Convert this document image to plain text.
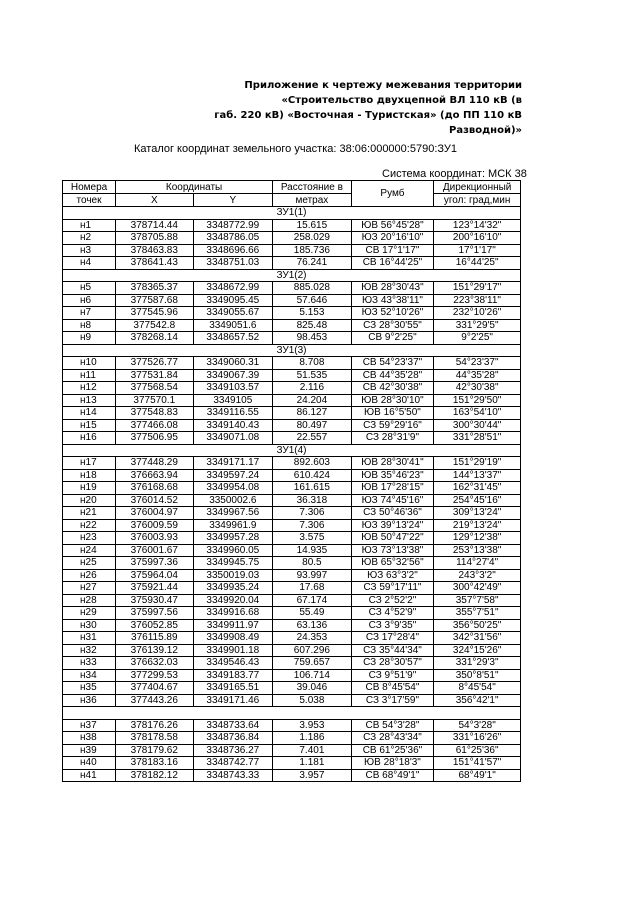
Приложение к чертежу межевания территории
«Строительство двухцепной ВЛ 110 кВ (в
габ. 220 кВ) «Восточная - Туристская» (до ПП 110 кВ
Разводной)»
Каталог координат земельного участка: 38:06:000000:5790:ЗУ1
Система координат: МСК 38
Номера	Координаты		Расстояние в	Румб	Дирекционный
точек	X	Y	метрах		угол: град,мин
ЗУ1(1)					
н1	378714.44	3348772.99	15.615	ЮВ 56°45'28"	123°14'32"
н2	378705.88	3348786.05	258.029	ЮЗ 20°16'10"	200°16'10"
н3	378463.83	3348696.66	185.736	СВ 17°1'17"	17°1'17"
н4	378641.43	3348751.03	76.241	СВ 16°44'25"	16°44'25"
ЗУ1(2)					
н5	378365.37	3348672.99	885.028	ЮВ 28°30'43"	151°29'17"
н6	377587.68	3349095.45	57.646	ЮЗ 43°38'11"	223°38'11"
н7	377545.96	3349055.67	5.153	ЮЗ 52°10'26"	232°10'26"
н8	377542.8	3349051.6	825.48	СЗ 28°30'55"	331°29'5"
н9	378268.14	3348657.52	98.453	СВ 9°2'25"	9°2'25"
ЗУ1(3)					
н10	377526.77	3349060.31	8.708	СВ 54°23'37"	54°23'37"
н11	377531.84	3349067.39	51.535	СВ 44°35'28"	44°35'28"
н12	377568.54	3349103.57	2.116	СВ 42°30'38"	42°30'38"
н13	377570.1	3349105	24.204	ЮВ 28°30'10"	151°29'50"
н14	377548.83	3349116.55	86.127	ЮВ 16°5'50"	163°54'10"
н15	377466.08	3349140.43	80.497	СЗ 59°29'16"	300°30'44"
н16	377506.95	3349071.08	22.557	СЗ 28°31'9"	331°28'51"
ЗУ1(4)					
н17	377448.29	3349171.17	892.603	ЮВ 28°30'41"	151°29'19"
н18	376663.94	3349597.24	610.424	ЮВ 35°46'23"	144°13'37"
н19	376168.68	3349954.08	161.615	ЮВ 17°28'15"	162°31'45"
н20	376014.52	3350002.6	36.318	ЮЗ 74°45'16"	254°45'16"
н21	376004.97	3349967.56	7.306	СЗ 50°46'36"	309°13'24"
н22	376009.59	3349961.9	7.306	ЮЗ 39°13'24"	219°13'24"
н23	376003.93	3349957.28	3.575	ЮВ 50°47'22"	129°12'38"
н24	376001.67	3349960.05	14.935	ЮЗ 73°13'38"	253°13'38"
н25	375997.36	3349945.75	80.5	ЮВ 65°32'56"	114°27'4"
н26	375964.04	3350019.03	93.997	ЮЗ 63°3'2"	243°3'2"
н27	375921.44	3349935.24	17.68	СЗ 59°17'11"	300°42'49"
н28	375930.47	3349920.04	67.174	СЗ 2°52'2"	357°7'58"
н29	375997.56	3349916.68	55.49	СЗ 4°52'9"	355°7'51"
н30	376052.85	3349911.97	63.136	СЗ 3°9'35"	356°50'25"
н31	376115.89	3349908.49	24.353	СЗ 17°28'4"	342°31'56"
н32	376139.12	3349901.18	607.296	СЗ 35°44'34"	324°15'26"
н33	376632.03	3349546.43	759.657	СЗ 28°30'57"	331°29'3"
н34	377299.53	3349183.77	106.714	СЗ 9°51'9"	350°8'51"
н35	377404.67	3349165.51	39.046	СВ 8°45'54"	8°45'54"
н36	377443.26	3349171.46	5.038	СЗ 3°17'59"	356°42'1"

н37	378176.26	3348733.64	3.953	СВ 54°3'28"	54°3'28"
н38	378178.58	3348736.84	1.186	СЗ 28°43'34"	331°16'26"
н39	378179.62	3348736.27	7.401	СВ 61°25'36"	61°25'36"
н40	378183.16	3348742.77	1.181	ЮВ 28°18'3"	151°41'57"
н41	378182.12	3348743.33	3.957	СВ 68°49'1"	68°49'1"
